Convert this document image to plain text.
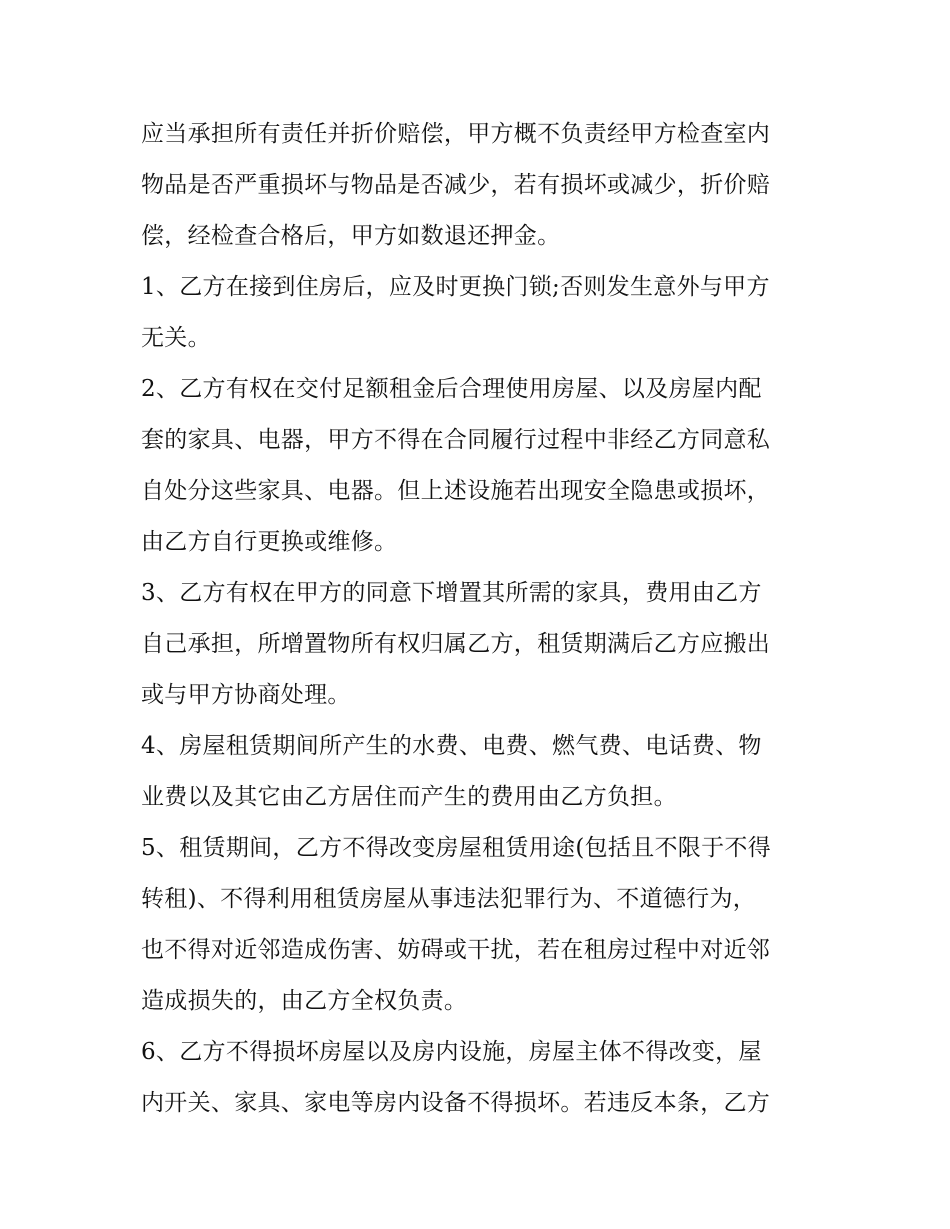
应当承担所有责任并折价赔偿，甲方概不负责经甲方检查室内
物品是否严重损坏与物品是否减少，若有损坏或减少，折价赔
偿，经检查合格后，甲方如数退还押金。
1、乙方在接到住房后，应及时更换门锁;否则发生意外与甲方
无关。
2、乙方有权在交付足额租金后合理使用房屋、以及房屋内配
套的家具、电器，甲方不得在合同履行过程中非经乙方同意私
自处分这些家具、电器。但上述设施若出现安全隐患或损坏，
由乙方自行更换或维修。
3、乙方有权在甲方的同意下增置其所需的家具，费用由乙方
自己承担，所增置物所有权归属乙方，租赁期满后乙方应搬出
或与甲方协商处理。
4、房屋租赁期间所产生的水费、电费、燃气费、电话费、物
业费以及其它由乙方居住而产生的费用由乙方负担。
5、租赁期间，乙方不得改变房屋租赁用途(包括且不限于不得
转租)、不得利用租赁房屋从事违法犯罪行为、不道德行为，
也不得对近邻造成伤害、妨碍或干扰，若在租房过程中对近邻
造成损失的，由乙方全权负责。
6、乙方不得损坏房屋以及房内设施，房屋主体不得改变，屋
内开关、家具、家电等房内设备不得损坏。若违反本条，乙方
